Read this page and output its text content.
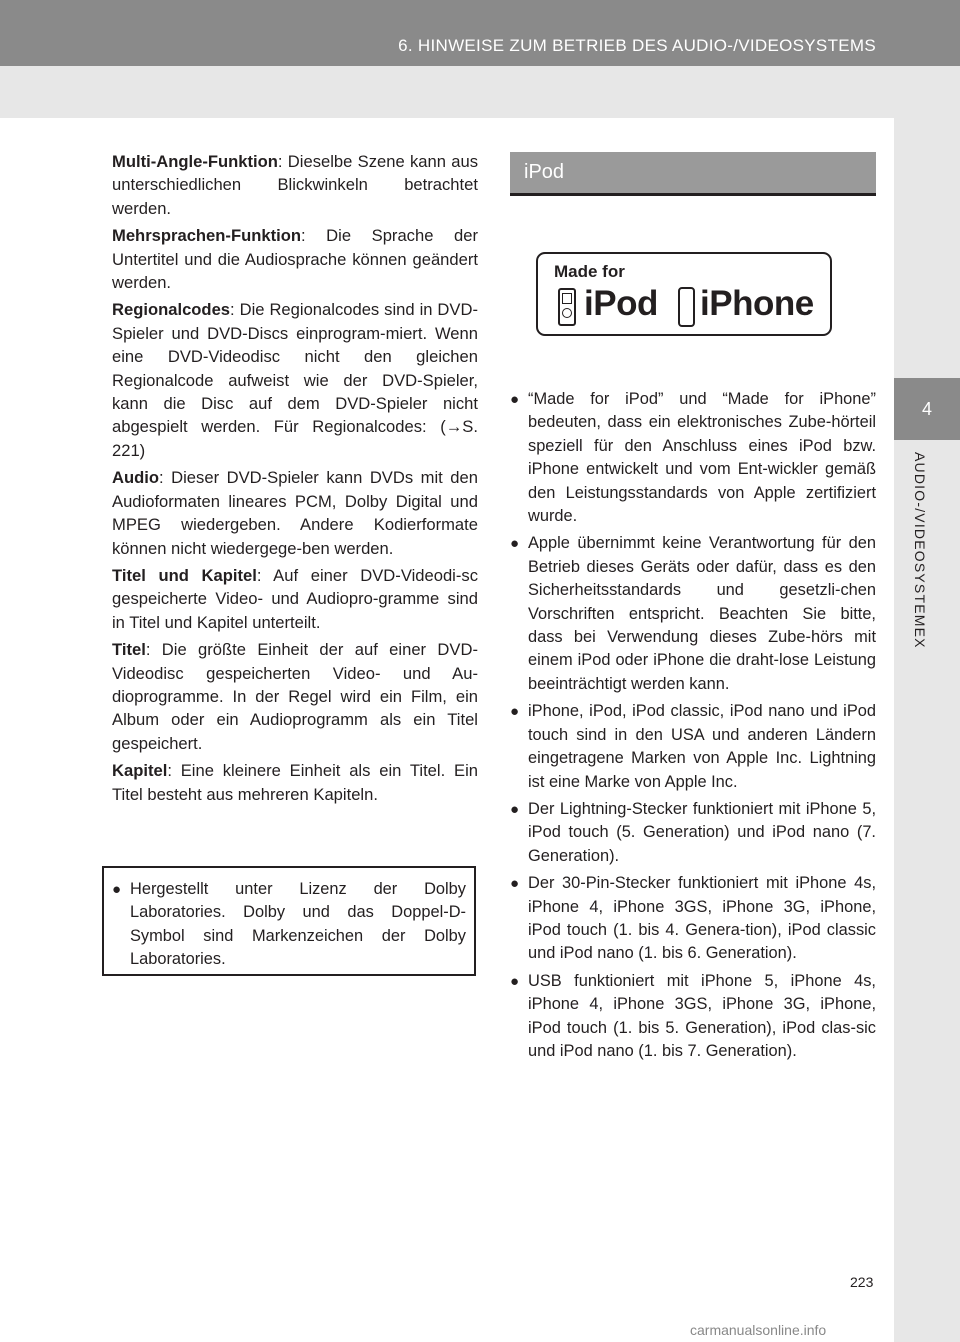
6. HINWEISE ZUM BETRIEB DES AUDIO-/VIDEOSYSTEMS
4
AUDIO-/VIDEOSYSTEMEX

Multi-Angle-Funktion: Dieselbe Szene kann aus unterschiedlichen Blickwinkeln betrachtet werden.

Mehrsprachen-Funktion: Die Sprache der Untertitel und die Audiosprache können geändert werden.

Regionalcodes: Die Regionalcodes sind in DVD-Spieler und DVD-Discs einprogram-miert. Wenn eine DVD-Videodisc nicht den gleichen Regionalcode aufweist wie der DVD-Spieler, kann die Disc auf dem DVD-Spieler nicht abgespielt werden. Für Regionalcodes: (→S. 221)

Audio: Dieser DVD-Spieler kann DVDs mit den Audioformaten lineares PCM, Dolby Digital und MPEG wiedergeben. Andere Kodierformate können nicht wiedergege-ben werden.

Titel und Kapitel: Auf einer DVD-Videodi-sc gespeicherte Video- und Audiopro-gramme sind in Titel und Kapitel unterteilt.

Titel: Die größte Einheit der auf einer DVD-Videodisc gespeicherten Video- und Au-dioprogramme. In der Regel wird ein Film, ein Album oder ein Audioprogramm als ein Titel gespeichert.

Kapitel: Eine kleinere Einheit als ein Titel. Ein Titel besteht aus mehreren Kapiteln.

● Hergestellt unter Lizenz der Dolby Laboratories. Dolby und das Doppel-D-Symbol sind Markenzeichen der Dolby Laboratories.
iPod
Made for
iPod iPhone
● “Made for iPod” und “Made for iPhone” bedeuten, dass ein elektronisches Zube-hörteil speziell für den Anschluss eines iPod bzw. iPhone entwickelt und vom Ent-wickler gemäß den Leistungsstandards von Apple zertifiziert wurde.
● Apple übernimmt keine Verantwortung für den Betrieb dieses Geräts oder dafür, dass es den Sicherheitsstandards und gesetzli-chen Vorschriften entspricht. Beachten Sie bitte, dass bei Verwendung dieses Zube-hörs mit einem iPod oder iPhone die draht-lose Leistung beeinträchtigt werden kann.
● iPhone, iPod, iPod classic, iPod nano und iPod touch sind in den USA und anderen Ländern eingetragene Marken von Apple Inc. Lightning ist eine Marke von Apple Inc.
● Der Lightning-Stecker funktioniert mit iPhone 5, iPod touch (5. Generation) und iPod nano (7. Generation).
● Der 30-Pin-Stecker funktioniert mit iPhone 4s, iPhone 4, iPhone 3GS, iPhone 3G, iPhone, iPod touch (1. bis 4. Genera-tion), iPod classic und iPod nano (1. bis 6. Generation).
● USB funktioniert mit iPhone 5, iPhone 4s, iPhone 4, iPhone 3GS, iPhone 3G, iPhone, iPod touch (1. bis 5. Generation), iPod clas-sic und iPod nano (1. bis 7. Generation).
223
carmanualsonline.info
